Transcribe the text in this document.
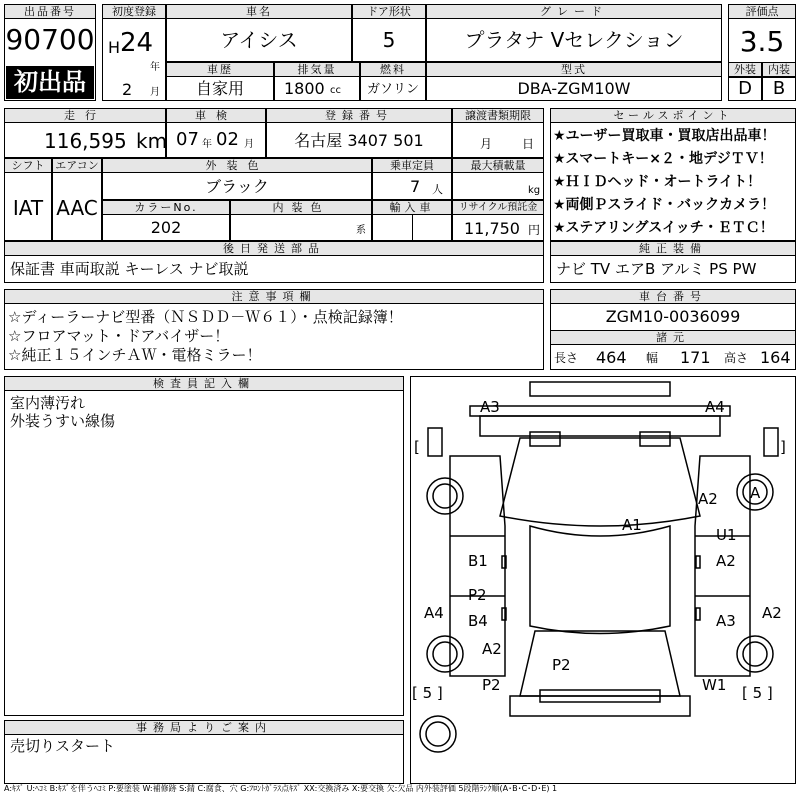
出品番号
90700
初出品
初度登録
H 24
年
2 月
車名
アイシス
ドア形状
5
グレード
プラタナ Vセレクション
車歴
自家用
排気量
1800 cc
燃料
ガソリン
型式
DBA-ZGM10W
評価点
3.5
外装	内装
D	B
走行
116,595 km
車検
07 年 02 月
登録番号
名古屋 3407 501
譲渡書類期限
月 日
シフト
IAT
エアコン
AAC
外装色
ブラック
乗車定員
7 人
最大積載量
kg
カラーNo.
202
内装色
系
輸入車	リサイクル預託金
11,750 円
後日発送部品
保証書 車両取説 キーレス ナビ取説
セールスポイント
★ユーザー買取車・買取店出品車！
★スマートキー×２・地デジＴＶ！
★ＨＩＤヘッド・オートライト！
★両側Ｐスライド・バックカメラ！
★ステアリングスイッチ・ＥＴＣ！
純正装備
ナビ TV エアB アルミ PS PW
注意事項欄
☆ディーラーナビ型番（ＮＳＤＤ－Ｗ６１）・点検記録簿！
☆フロアマット・ドアバイザー！
☆純正１５インチＡＷ・電格ミラー！
車台番号
ZGM10-0036099
諸元
長さ 464 幅 171 高さ 164
検査員記入欄
室内薄汚れ
外装うすい線傷
事務局よりご案内
売切りスタート
A3	A4
[	]
A1
A2 A
B1
U1
A2
P2
B4	A3
A4	A2
A2
P2
P2
W1
[ 5 ]	[ 5 ]
A:ｷｽﾞ U:ﾍｺﾐ B:ｷｽﾞを伴うﾍｺﾐ P:要塗装 W:補修跡 S:錆 C:腐食、穴 G:ﾌﾛﾝﾄｶﾞﾗｽ点ｷｽﾞ XX:交換済み X:要交換 欠:欠品 内外装評価 5段階ﾗﾝｸ順(A･B･C･D･E) 1
